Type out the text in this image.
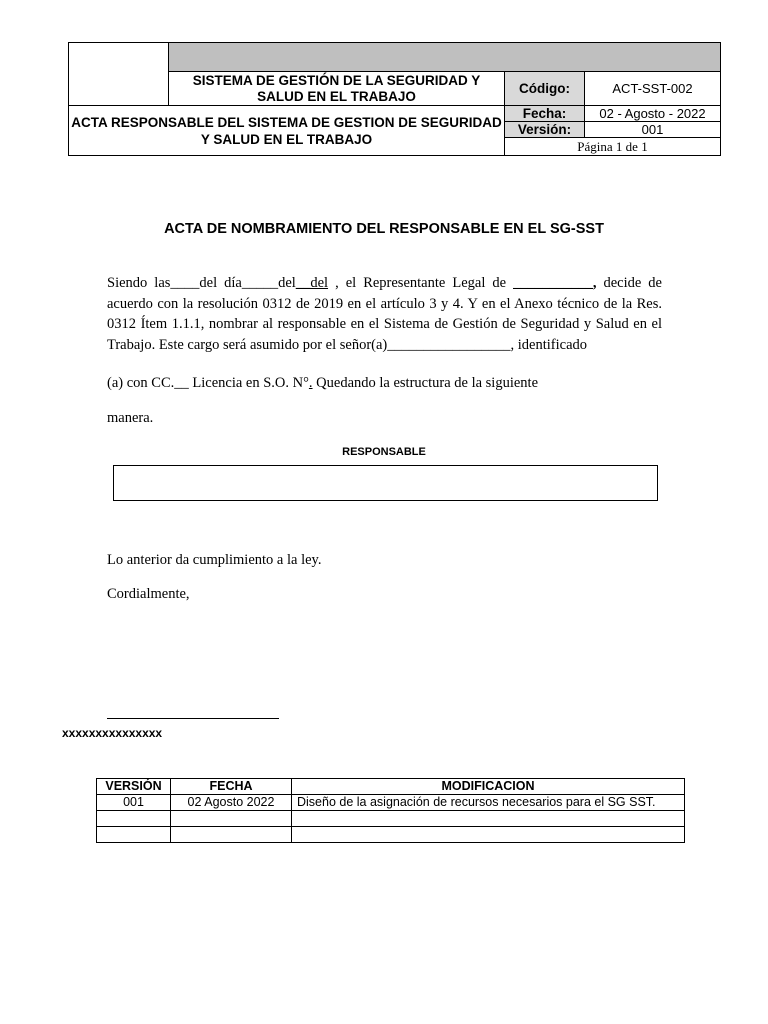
SISTEMA DE GESTIÓN DE LA SEGURIDAD Y SALUD EN EL TRABAJO	Código:	ACT-SST-002
ACTA RESPONSABLE DEL SISTEMA DE GESTION DE SEGURIDAD Y SALUD EN EL TRABAJO
Fecha:	02 - Agosto - 2022
Versión:	001
Página 1 de 1
ACTA DE NOMBRAMIENTO DEL RESPONSABLE EN EL SG-SST
Siendo las____del día_____del__del , el Representante Legal de ___________, decide de acuerdo con la resolución 0312 de 2019 en el artículo 3 y 4. Y en el Anexo técnico de la Res. 0312 Ítem 1.1.1, nombrar al responsable en el Sistema de Gestión de Seguridad y Salud en el Trabajo. Este cargo será asumido por el señor(a)_________________, identificado
(a) con CC.__ Licencia en S.O. N°. Quedando la estructura de la siguiente
manera.
RESPONSABLE
Lo anterior da cumplimiento a la ley.
Cordialmente,
xxxxxxxxxxxxxxx
VERSIÓN	FECHA	MODIFICACION
001	02 Agosto 2022	Diseño de la asignación de recursos necesarios para el SG SST.
